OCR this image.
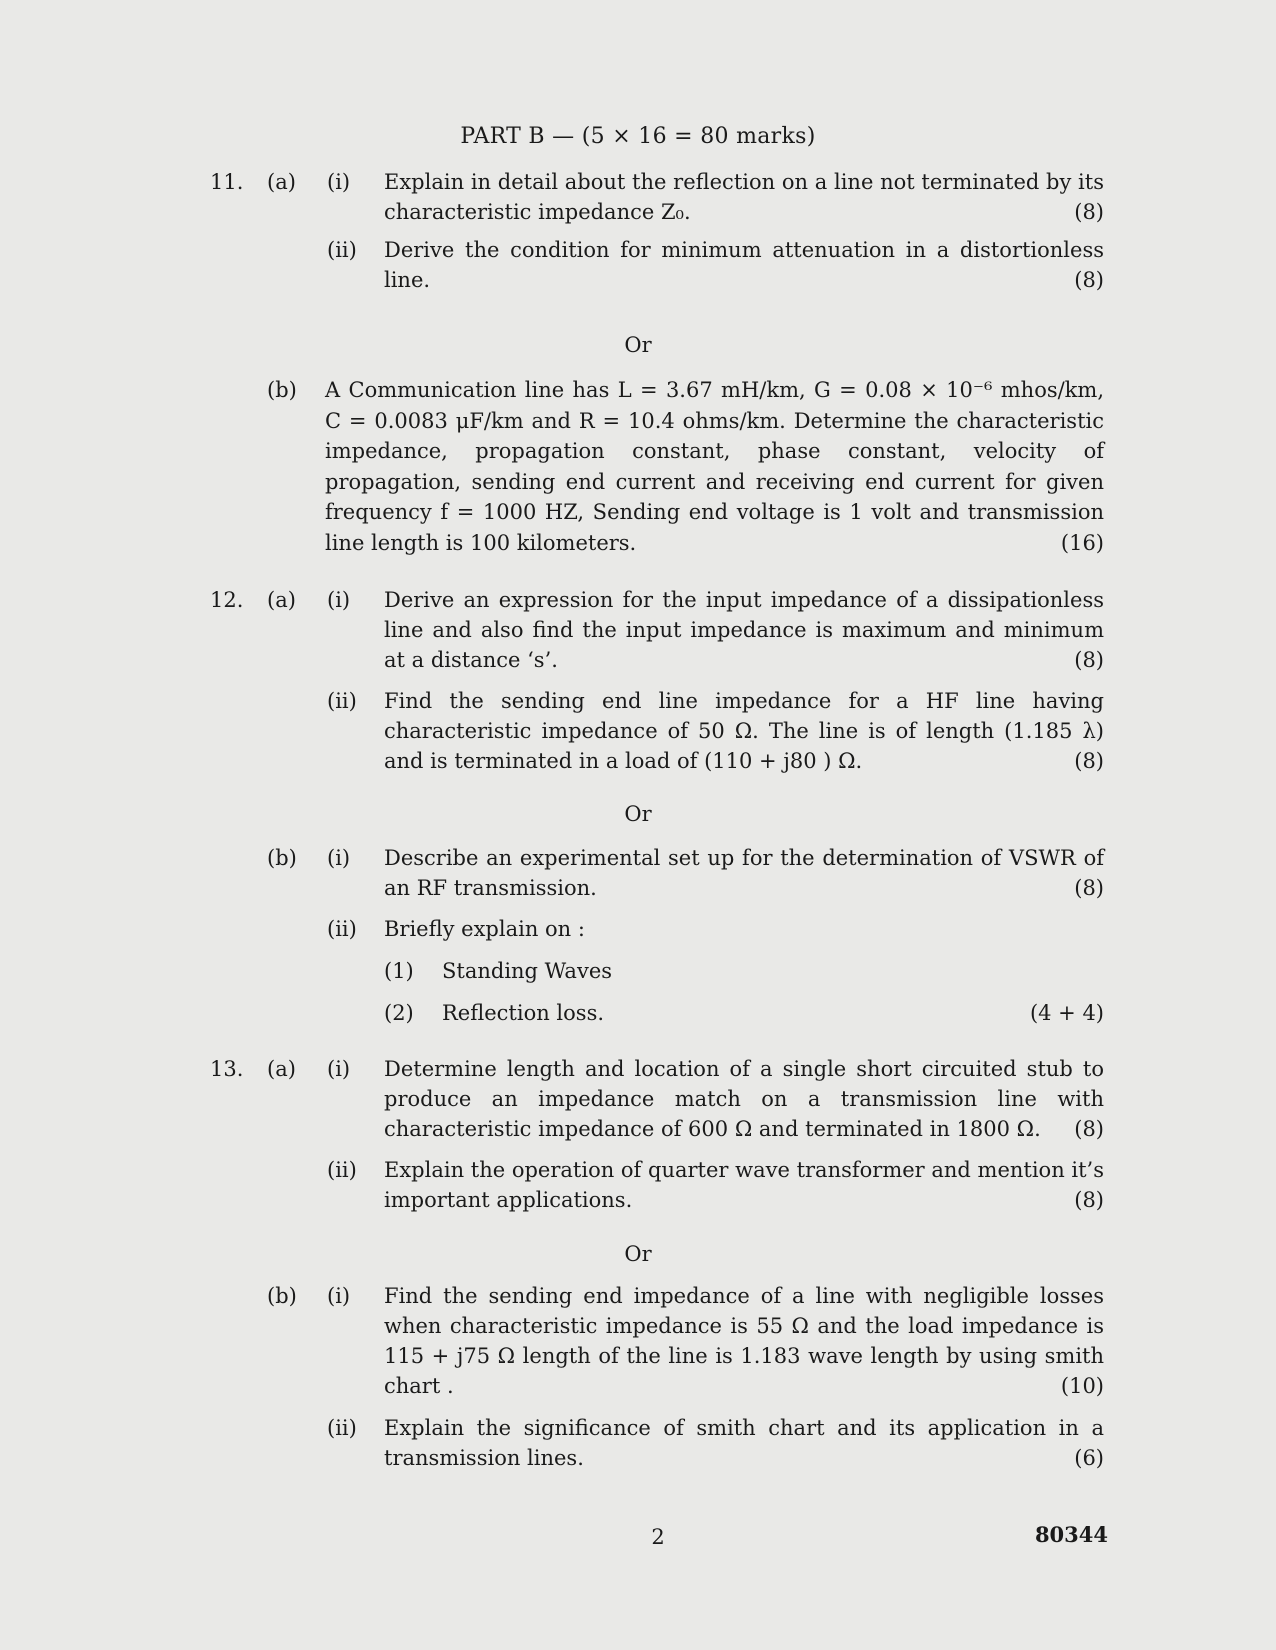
PART B — (5 × 16 = 80 marks)
11.	(a)	(i)	Explain in detail about the reflection on a line not terminated by its characteristic impedance Z₀.	(8)
(ii)	Derive the condition for minimum attenuation in a distortionless line.	(8)
Or
(b)	A Communication line has L = 3.67 mH/km, G = 0.08 × 10⁻⁶ mhos/km, C = 0.0083 μF/km and R = 10.4 ohms/km. Determine the characteristic impedance, propagation constant, phase constant, velocity of propagation, sending end current and receiving end current for given frequency f = 1000 HZ, Sending end voltage is 1 volt and transmission line length is 100 kilometers.	(16)
12.	(a)	(i)	Derive an expression for the input impedance of a dissipationless line and also find the input impedance is maximum and minimum at a distance ‘s’.	(8)
(ii)	Find the sending end line impedance for a HF line having characteristic impedance of 50 Ω. The line is of length (1.185 λ) and is terminated in a load of (110 + j80 ) Ω.	(8)
Or
(b)	(i)	Describe an experimental set up for the determination of VSWR of an RF transmission.	(8)
(ii)	Briefly explain on :
(1)	Standing Waves
(2)	Reflection loss.	(4 + 4)
13.	(a)	(i)	Determine length and location of a single short circuited stub to produce an impedance match on a transmission line with characteristic impedance of 600 Ω and terminated in 1800 Ω. (8)
(ii)	Explain the operation of quarter wave transformer and mention it’s important applications.	(8)
Or
(b)	(i)	Find the sending end impedance of a line with negligible losses when characteristic impedance is 55 Ω and the load impedance is 115 + j75 Ω length of the line is 1.183 wave length by using smith chart .	(10)
(ii)	Explain the significance of smith chart and its application in a transmission lines.	(6)
2	80344
